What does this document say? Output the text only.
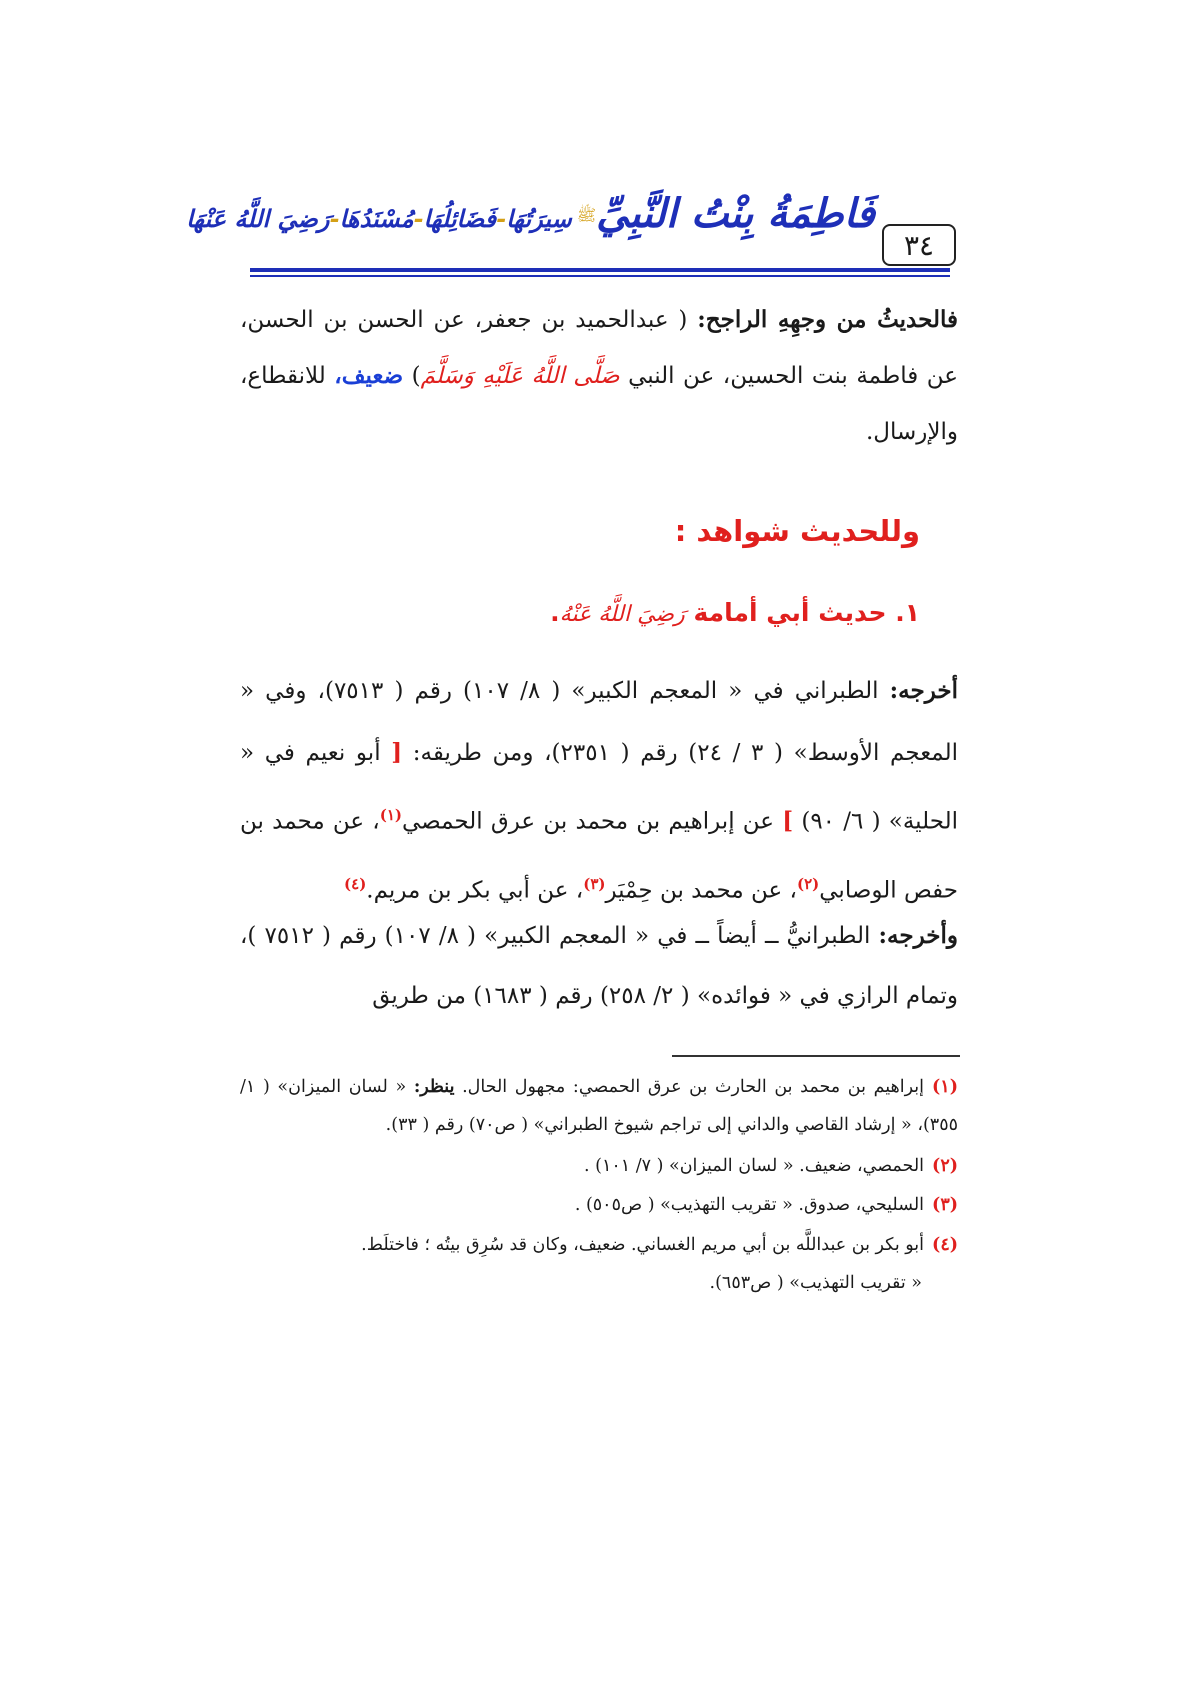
٣٤
فَاطِمَةُ بِنْتُ النَّبِيِّﷺ سِيرَتُهَا-فَضَائِلُهَا-مُسْنَدُهَا-رَضِيَ اللَّهُ عَنْهَا
فالحديثُ من وجهِهِ الراجح: ( عبدالحميد بن جعفر، عن الحسن بن الحسن، عن فاطمة بنت الحسين، عن النبي صَلَّى اللَّهُ عَلَيْهِ وَسَلَّمَ) ضعيف، للانقطاع، والإرسال.
وللحديث شواهد :
١. حديث أبي أمامة رَضِيَ اللَّهُ عَنْهُ.
أخرجه: الطبراني في « المعجم الكبير» ( ٨/ ١٠٧) رقم ( ٧٥١٣)، وفي « المعجم الأوسط» ( ٣ / ٢٤) رقم ( ٢٣٥١)، ومن طريقه: [ أبو نعيم في « الحلية» ( ٦/ ٩٠) ] عن إبراهيم بن محمد بن عرق الحمصي$^{(١)}$، عن محمد بن حفص الوصابي$^{(٢)}$، عن محمد بن حِمْيَر$^{(٣)}$، عن أبي بكر بن مريم.$^{(٤)}$
وأخرجه: الطبرانيُّ ــ أيضاً ــ في « المعجم الكبير» ( ٨/ ١٠٧) رقم ( ٧٥١٢ )، وتمام الرازي في « فوائده» ( ٢/ ٢٥٨) رقم ( ١٦٨٣) من طريق
(١)إبراهيم بن محمد بن الحارث بن عرق الحمصي: مجهول الحال. ينظر: « لسان الميزان» ( ١/ ٣٥٥)، « إرشاد القاصي والداني إلى تراجم شيوخ الطبراني» ( ص٧٠) رقم ( ٣٣).
(٢)الحمصي، ضعيف. « لسان الميزان» ( ٧/ ١٠١) .
(٣)السليحي، صدوق. « تقريب التهذيب» ( ص٥٠٥) .
(٤)أبو بكر بن عبداللَّه بن أبي مريم الغساني. ضعيف، وكان قد سُرِق بيتُه ؛ فاختلَط.
« تقريب التهذيب» ( ص٦٥٣).
